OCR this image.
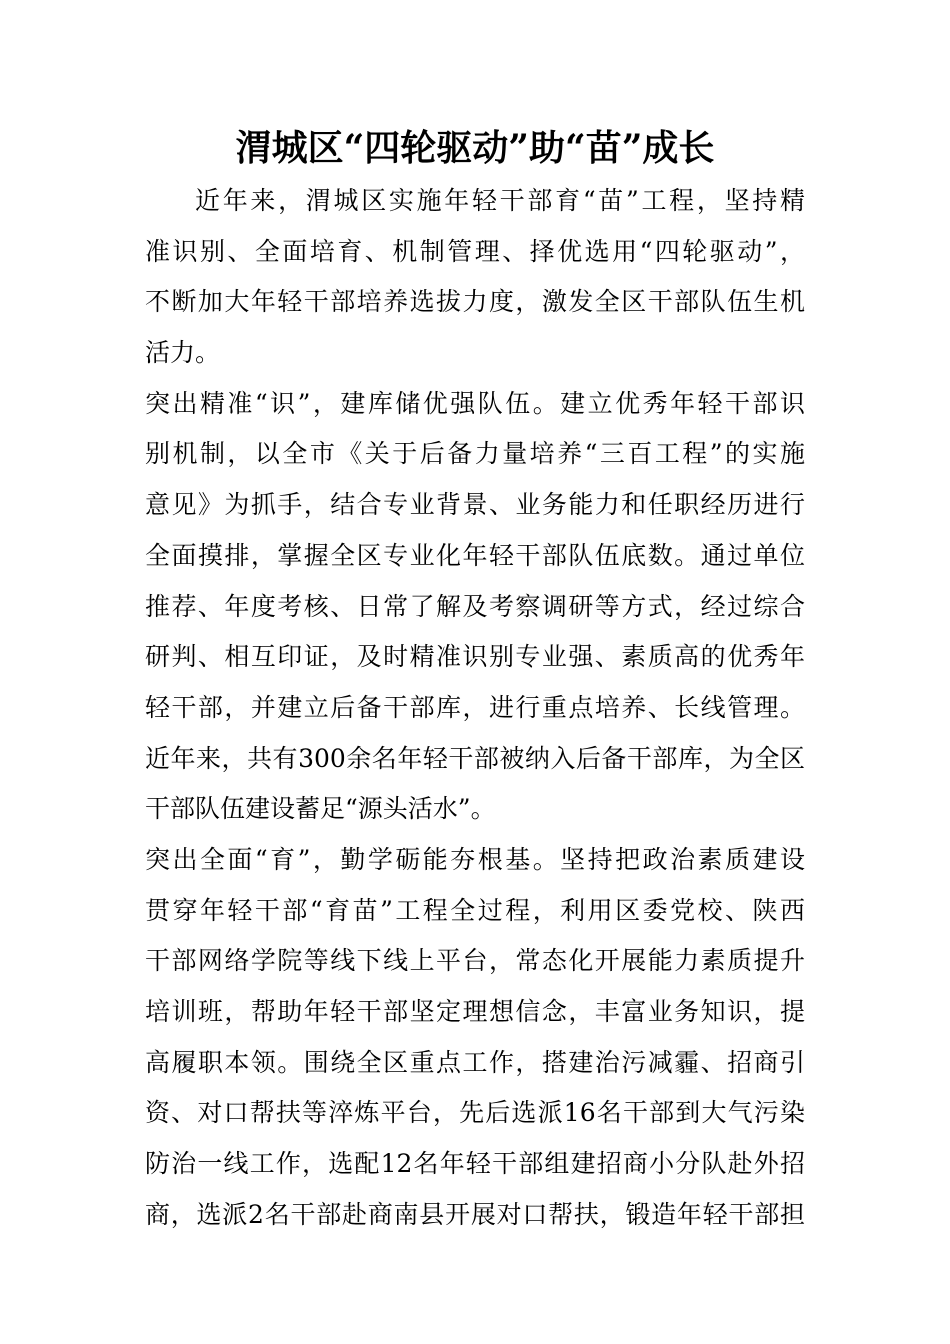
渭城区“四轮驱动”助“苗”成长
近年来，渭城区实施年轻干部育“苗”工程，坚持精
准识别、全面培育、机制管理、择优选用“四轮驱动”，
不断加大年轻干部培养选拔力度，激发全区干部队伍生机
活力。
突出精准“识”，建库储优强队伍。建立优秀年轻干部识
别机制，以全市《关于后备力量培养“三百工程”的实施
意见》为抓手，结合专业背景、业务能力和任职经历进行
全面摸排，掌握全区专业化年轻干部队伍底数。通过单位
推荐、年度考核、日常了解及考察调研等方式，经过综合
研判、相互印证，及时精准识别专业强、素质高的优秀年
轻干部，并建立后备干部库，进行重点培养、长线管理。
近年来，共有300余名年轻干部被纳入后备干部库，为全区
干部队伍建设蓄足“源头活水”。
突出全面“育”，勤学砺能夯根基。坚持把政治素质建设
贯穿年轻干部“育苗”工程全过程，利用区委党校、陕西
干部网络学院等线下线上平台，常态化开展能力素质提升
培训班，帮助年轻干部坚定理想信念，丰富业务知识，提
高履职本领。围绕全区重点工作，搭建治污减霾、招商引
资、对口帮扶等淬炼平台，先后选派16名干部到大气污染
防治一线工作，选配12名年轻干部组建招商小分队赴外招
商，选派2名干部赴商南县开展对口帮扶，锻造年轻干部担
